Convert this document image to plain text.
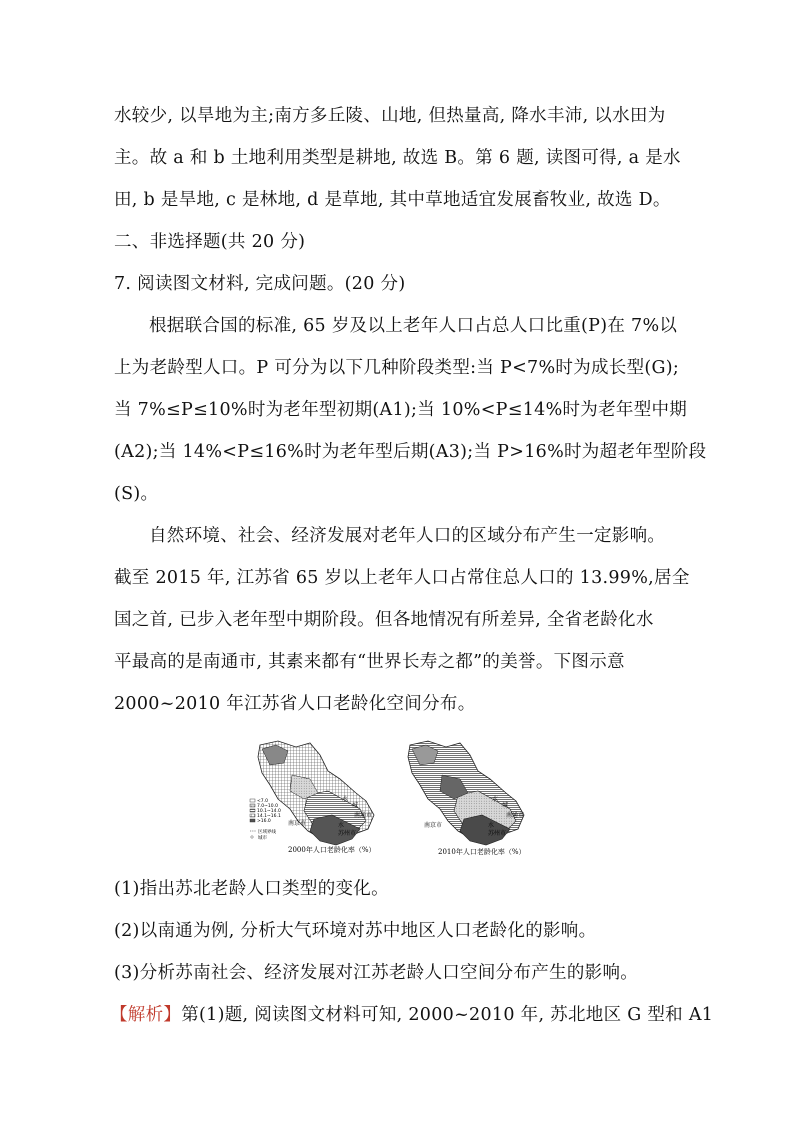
水较少, 以旱地为主;南方多丘陵、山地, 但热量高, 降水丰沛, 以水田为
主。故 a 和 b 土地利用类型是耕地, 故选 B。第 6 题, 读图可得, a 是水
田, b 是旱地, c 是林地, d 是草地, 其中草地适宜发展畜牧业, 故选 D。
二、非选择题(共 20 分)
7. 阅读图文材料, 完成问题。(20 分)
根据联合国的标准, 65 岁及以上老年人口占总人口比重(P)在 7%以
上为老龄型人口。P 可分为以下几种阶段类型:当 P<7%时为成长型(G);
当 7%≤P≤10%时为老年型初期(A1);当 10%<P≤14%时为老年型中期
(A2);当 14%<P≤16%时为老年型后期(A3);当 P>16%时为超老年型阶段
(S)。
自然环境、社会、经济发展对老年人口的区域分布产生一定影响。
截至 2015 年, 江苏省 65 岁以上老年人口占常住总人口的 13.99%,居全
国之首, 已步入老年型中期阶段。但各地情况有所差异, 全省老龄化水
平最高的是南通市, 其素来都有“世界长寿之都”的美誉。下图示意
2000~2010 年江苏省人口老龄化空间分布。
<7.0
7.0~10.0
10.1~14.0
14.1~16.1
>16.0
区域界线
城市
水
城
南通市
南京市	水
苏州市
2000年人口老龄化率（%）
水
城
南通市
南京市	水
苏州市
2010年人口老龄化率（%）
(1)指出苏北老龄人口类型的变化。
(2)以南通为例, 分析大气环境对苏中地区人口老龄化的影响。
(3)分析苏南社会、经济发展对江苏老龄人口空间分布产生的影响。
【解析】第(1)题, 阅读图文材料可知, 2000~2010 年, 苏北地区 G 型和 A1
